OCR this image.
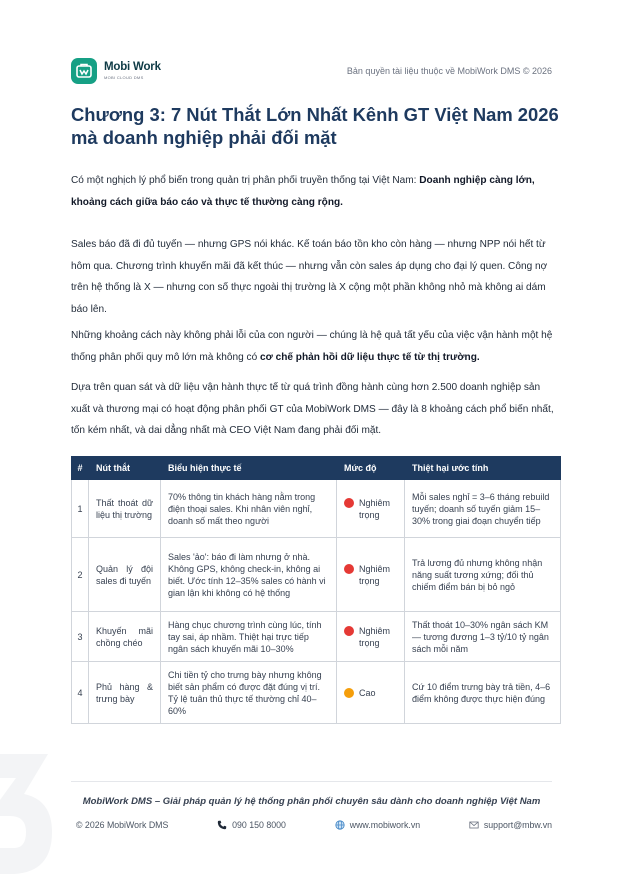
Mobi Work
MOBI CLOUD DMS
Bản quyền tài liệu thuộc về MobiWork DMS © 2026
Chương 3: 7 Nút Thắt Lớn Nhất Kênh GT Việt Nam 2026
mà doanh nghiệp phải đối mặt

Có một nghịch lý phổ biến trong quản trị phân phối truyền thống tại Việt Nam: Doanh nghiệp càng lớn, khoảng cách giữa báo cáo và thực tế thường càng rộng.

Sales báo đã đi đủ tuyến — nhưng GPS nói khác. Kế toán báo tồn kho còn hàng — nhưng NPP nói hết từ hôm qua. Chương trình khuyến mãi đã kết thúc — nhưng vẫn còn sales áp dụng cho đại lý quen. Công nợ trên hệ thống là X — nhưng con số thực ngoài thị trường là X cộng một phần không nhỏ mà không ai dám báo lên.

Những khoảng cách này không phải lỗi của con người — chúng là hệ quả tất yếu của việc vận hành một hệ thống phân phối quy mô lớn mà không có cơ chế phản hồi dữ liệu thực tế từ thị trường.

Dựa trên quan sát và dữ liệu vận hành thực tế từ quá trình đồng hành cùng hơn 2.500 doanh nghiệp sản xuất và thương mại có hoạt động phân phối GT của MobiWork DMS — đây là 8 khoảng cách phổ biến nhất, tốn kém nhất, và dai dẳng nhất mà CEO Việt Nam đang phải đối mặt.

#	Nút thắt	Biểu hiện thực tế	Mức độ	Thiệt hại ước tính
1	Thất thoát dữ liệu thị trường	70% thông tin khách hàng nằm trong điện thoại sales. Khi nhân viên nghỉ, doanh số mất theo người	Nghiêm trọng	Mỗi sales nghỉ = 3–6 tháng rebuild tuyến; doanh số tuyến giảm 15–30% trong giai đoạn chuyển tiếp
2	Quản lý đội sales đi tuyến	Sales 'ảo': báo đi làm nhưng ở nhà. Không GPS, không check-in, không ai biết. Ước tính 12–35% sales có hành vi gian lận khi không có hệ thống	Nghiêm trọng	Trả lương đủ nhưng không nhận năng suất tương xứng; đối thủ chiếm điểm bán bị bỏ ngỏ
3	Khuyến mãi chồng chéo	Hàng chục chương trình cùng lúc, tính tay sai, áp nhầm. Thiệt hại trực tiếp ngân sách khuyến mãi 10–30%	Nghiêm trọng	Thất thoát 10–30% ngân sách KM — tương đương 1–3 tỷ/10 tỷ ngân sách mỗi năm
4	Phủ hàng & trưng bày	Chi tiền tỷ cho trưng bày nhưng không biết sản phẩm có được đặt đúng vị trí. Tỷ lệ tuân thủ thực tế thường chỉ 40–60%	Cao	Cứ 10 điểm trưng bày trả tiền, 4–6 điểm không được thực hiện đúng
MobiWork DMS – Giải pháp quản lý hệ thống phân phối chuyên sâu dành cho doanh nghiệp Việt Nam
© 2026 MobiWork DMS	090 150 8000	www.mobiwork.vn	support@mbw.vn
